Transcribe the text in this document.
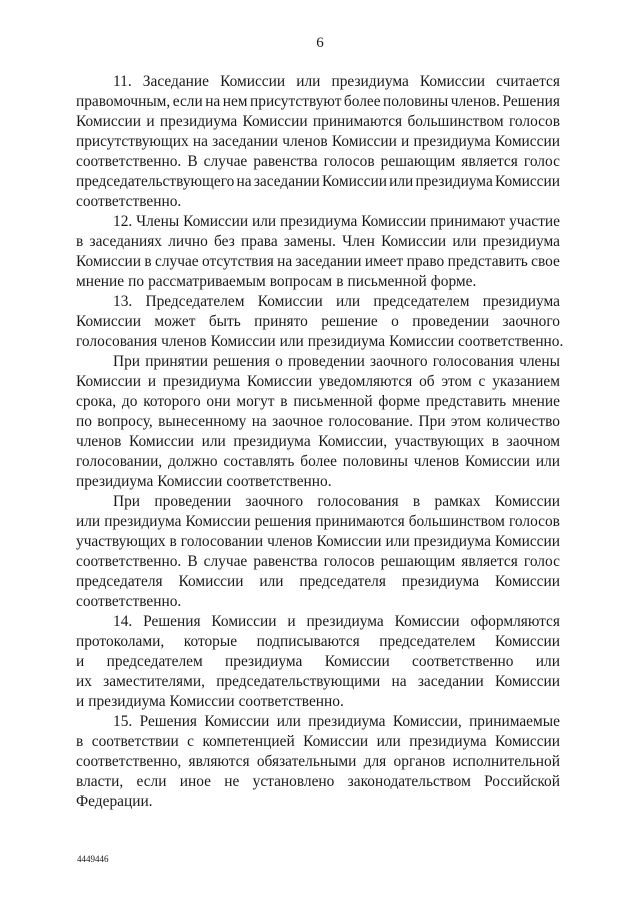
6
11. Заседание Комиссии или президиума Комиссии считается
правомочным, если на нем присутствуют более половины членов. Решения
Комиссии и президиума Комиссии принимаются большинством голосов
присутствующих на заседании членов Комиссии и президиума Комиссии
соответственно. В случае равенства голосов решающим является голос
председательствующего на заседании Комиссии или президиума Комиссии
соответственно.
12. Члены Комиссии или президиума Комиссии принимают участие
в заседаниях лично без права замены. Член Комиссии или президиума
Комиссии в случае отсутствия на заседании имеет право представить свое
мнение по рассматриваемым вопросам в письменной форме.
13. Председателем Комиссии или председателем президиума
Комиссии может быть принято решение о проведении заочного
голосования членов Комиссии или президиума Комиссии соответственно.
При принятии решения о проведении заочного голосования члены
Комиссии и президиума Комиссии уведомляются об этом с указанием
срока, до которого они могут в письменной форме представить мнение
по вопросу, вынесенному на заочное голосование. При этом количество
членов Комиссии или президиума Комиссии, участвующих в заочном
голосовании, должно составлять более половины членов Комиссии или
президиума Комиссии соответственно.
При проведении заочного голосования в рамках Комиссии
или президиума Комиссии решения принимаются большинством голосов
участвующих в голосовании членов Комиссии или президиума Комиссии
соответственно. В случае равенства голосов решающим является голос
председателя Комиссии или председателя президиума Комиссии
соответственно.
14. Решения Комиссии и президиума Комиссии оформляются
протоколами, которые подписываются председателем Комиссии
и председателем президиума Комиссии соответственно или
их заместителями, председательствующими на заседании Комиссии
и президиума Комиссии соответственно.
15. Решения Комиссии или президиума Комиссии, принимаемые
в соответствии с компетенцией Комиссии или президиума Комиссии
соответственно, являются обязательными для органов исполнительной
власти, если иное не установлено законодательством Российской
Федерации.
4449446
